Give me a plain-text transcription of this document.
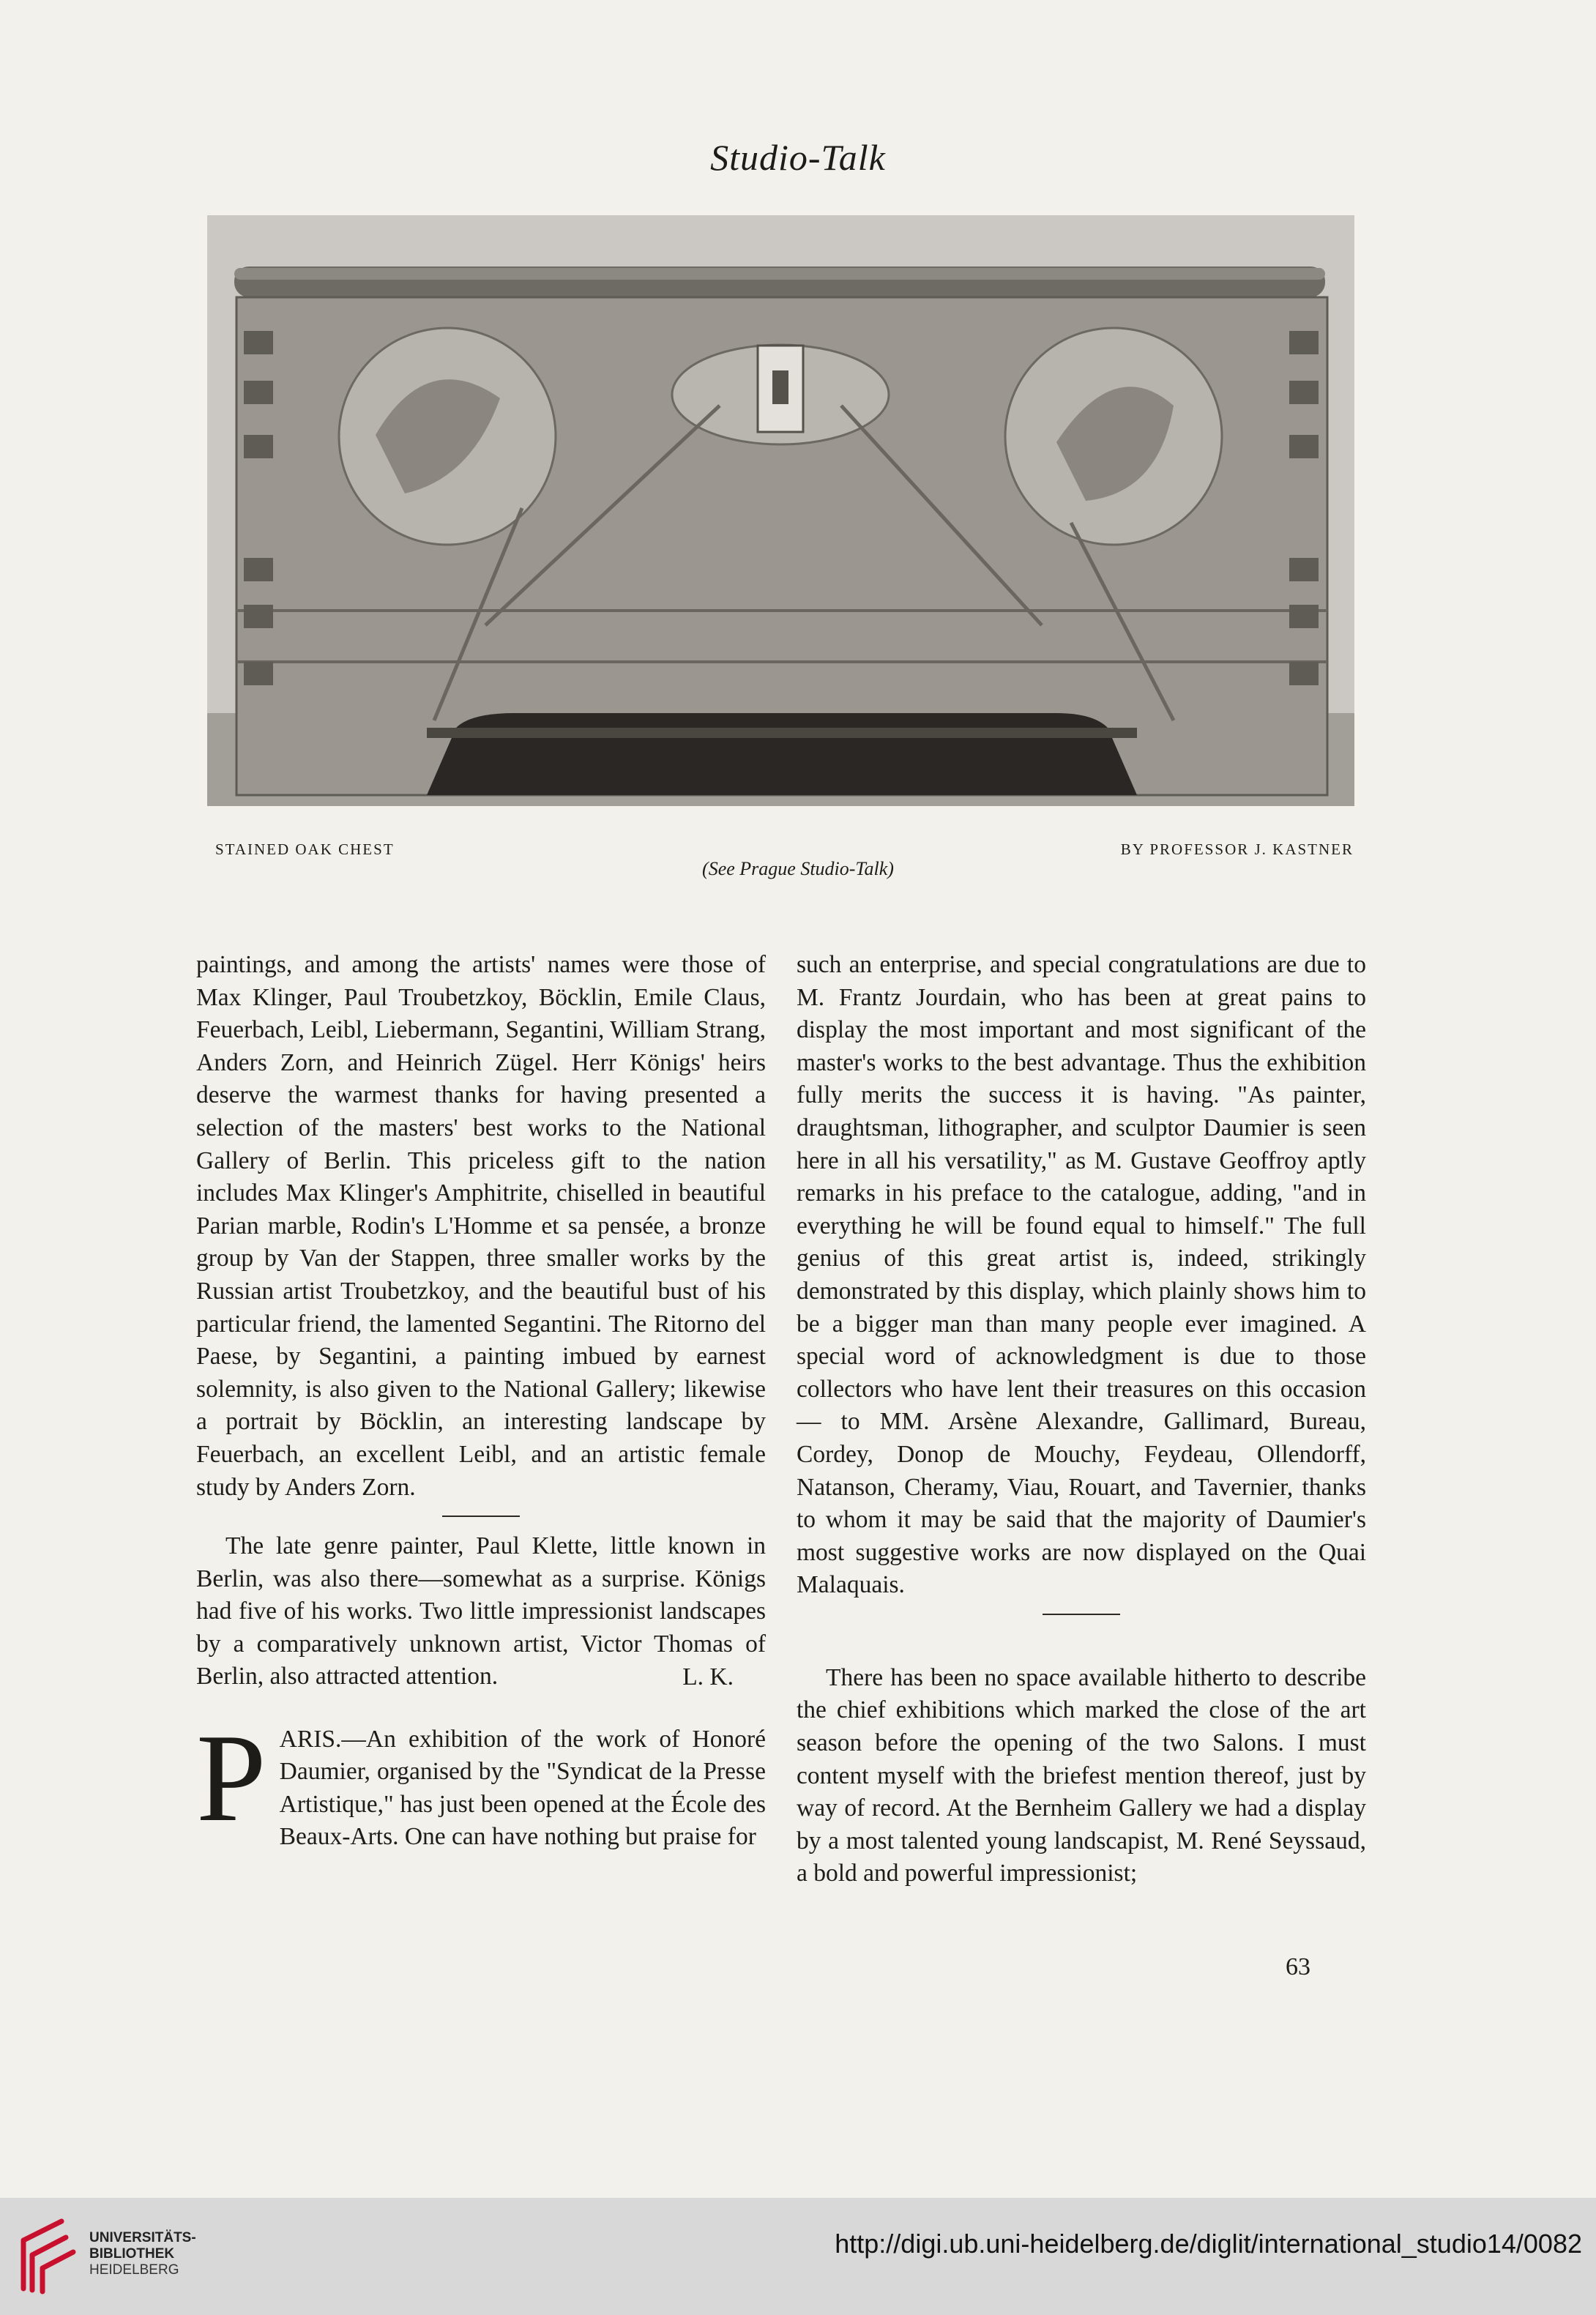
Studio-Talk
STAINED OAK CHEST	BY PROFESSOR J. KASTNER
(See Prague Studio-Talk)

paintings, and among the artists' names were those of Max Klinger, Paul Troubetzkoy, Böcklin, Emile Claus, Feuerbach, Leibl, Liebermann, Segantini, William Strang, Anders Zorn, and Heinrich Zügel. Herr Königs' heirs deserve the warmest thanks for having presented a selection of the masters' best works to the National Gallery of Berlin. This priceless gift to the nation includes Max Klinger's Amphitrite, chiselled in beautiful Parian marble, Rodin's L'Homme et sa pensée, a bronze group by Van der Stappen, three smaller works by the Russian artist Troubetzkoy, and the beautiful bust of his particular friend, the lamented Segantini. The Ritorno del Paese, by Segantini, a painting imbued by earnest solemnity, is also given to the National Gallery; likewise a portrait by Böcklin, an interesting landscape by Feuerbach, an excellent Leibl, and an artistic female study by Anders Zorn.

The late genre painter, Paul Klette, little known in Berlin, was also there—somewhat as a surprise. Königs had five of his works. Two little impressionist landscapes by a comparatively unknown artist, Victor Thomas of Berlin, also attracted attention.	L. K.
P ARIS.—An exhibition of the work of Honoré Daumier, organised by the "Syndicat de la Presse Artistique," has just been opened at the École des Beaux-Arts. One can have nothing but praise for

such an enterprise, and special congratulations are due to M. Frantz Jourdain, who has been at great pains to display the most important and most significant of the master's works to the best advantage. Thus the exhibition fully merits the success it is having. "As painter, draughtsman, lithographer, and sculptor Daumier is seen here in all his versatility," as M. Gustave Geoffroy aptly remarks in his preface to the catalogue, adding, "and in everything he will be found equal to himself." The full genius of this great artist is, indeed, strikingly demonstrated by this display, which plainly shows him to be a bigger man than many people ever imagined. A special word of acknowledgment is due to those collectors who have lent their treasures on this occasion — to MM. Arsène Alexandre, Gallimard, Bureau, Cordey, Donop de Mouchy, Feydeau, Ollendorff, Natanson, Cheramy, Viau, Rouart, and Tavernier, thanks to whom it may be said that the majority of Daumier's most suggestive works are now displayed on the Quai Malaquais.

There has been no space available hitherto to describe the chief exhibitions which marked the close of the art season before the opening of the two Salons. I must content myself with the briefest mention thereof, just by way of record. At the Bernheim Gallery we had a display by a most talented young landscapist, M. René Seyssaud, a bold and powerful impressionist;

63
UNIVERSITÄTS-
BIBLIOTHEK
HEIDELBERG
http://digi.ub.uni-heidelberg.de/diglit/international_studio14/0082
